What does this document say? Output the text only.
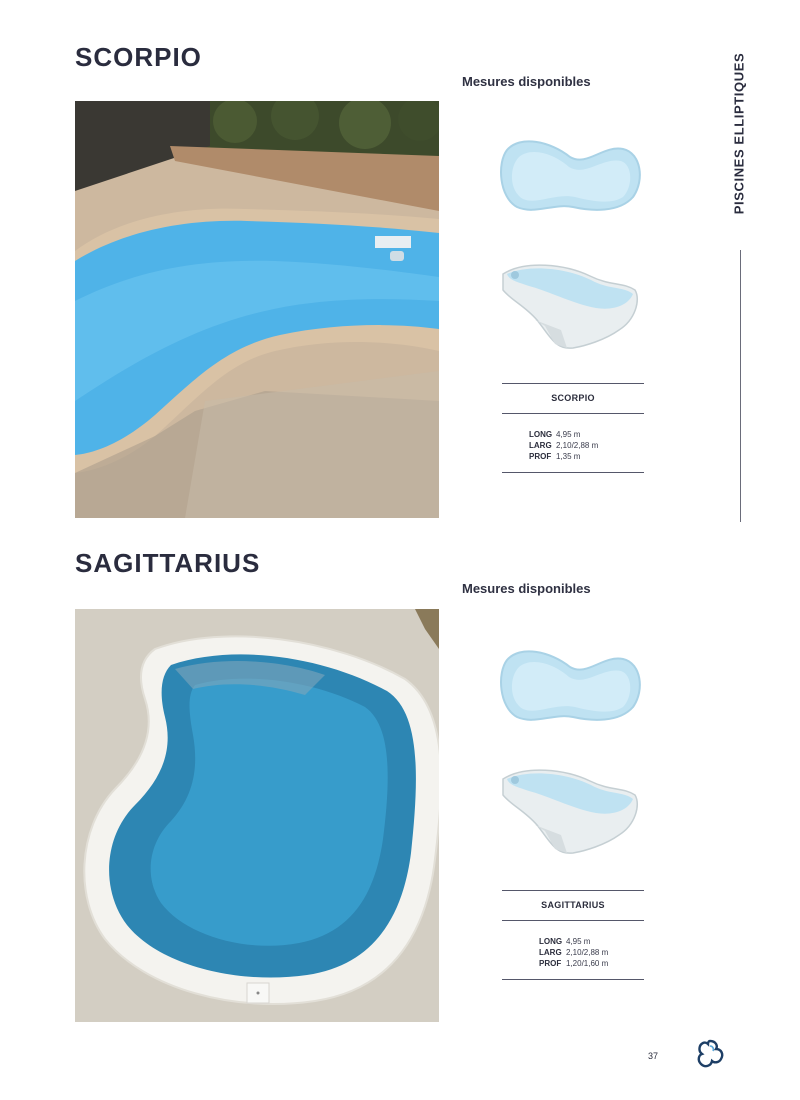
SCORPIO
Mesures disponibles
SCORPIO
LONG 4,95 m
LARG 2,10/2,88 m
PROF 1,35 m
SAGITTARIUS
Mesures disponibles
SAGITTARIUS
LONG 4,95 m
LARG 2,10/2,88 m
PROF 1,20/1,60 m
PISCINES ELLIPTIQUES
37
